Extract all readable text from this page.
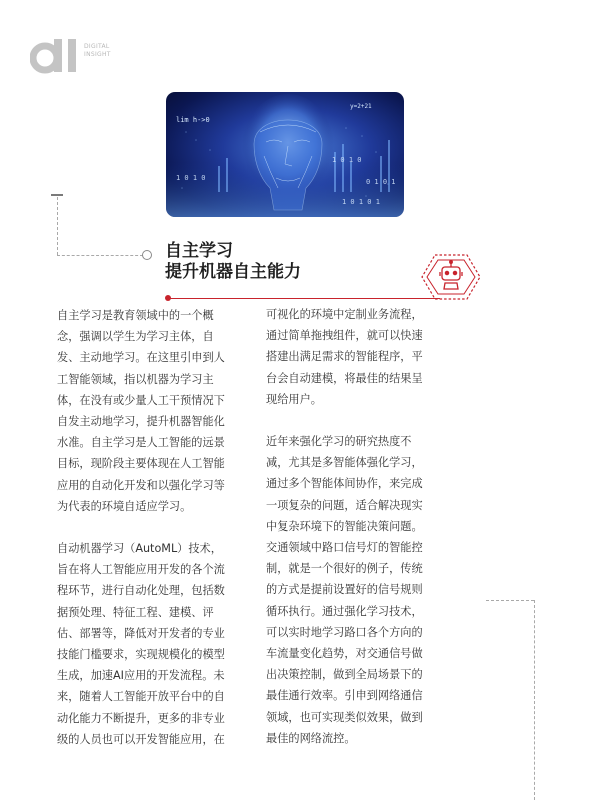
DIGITAL
INSIGHT
lim h->0
y=2+21
1 0 1 0
1 0 1 0
0 1 0 1
1 0 1 0 1
自主学习
提升机器自主能力

自主学习是教育领域中的一个概

念，强调以学生为学习主体，自

发、主动地学习。在这里引申到人

工智能领域，指以机器为学习主

体，在没有或少量人工干预情况下

自发主动地学习，提升机器智能化

水准。自主学习是人工智能的远景

目标，现阶段主要体现在人工智能

应用的自动化开发和以强化学习等

为代表的环境自适应学习。

自动机器学习（AutoML）技术，

旨在将人工智能应用开发的各个流

程环节，进行自动化处理，包括数

据预处理、特征工程、建模、评

估、部署等，降低对开发者的专业

技能门槛要求，实现规模化的模型

生成，加速AI应用的开发流程。未

来，随着人工智能开放平台中的自

动化能力不断提升，更多的非专业

级的人员也可以开发智能应用，在

可视化的环境中定制业务流程，

通过简单拖拽组件，就可以快速

搭建出满足需求的智能程序，平

台会自动建模，将最佳的结果呈

现给用户。

近年来强化学习的研究热度不

减，尤其是多智能体强化学习，

通过多个智能体间协作，来完成

一项复杂的问题，适合解决现实

中复杂环境下的智能决策问题。

交通领域中路口信号灯的智能控

制，就是一个很好的例子，传统

的方式是提前设置好的信号规则

循环执行。通过强化学习技术，

可以实时地学习路口各个方向的

车流量变化趋势，对交通信号做

出决策控制，做到全局场景下的

最佳通行效率。引申到网络通信

领域，也可实现类似效果，做到

最佳的网络流控。
